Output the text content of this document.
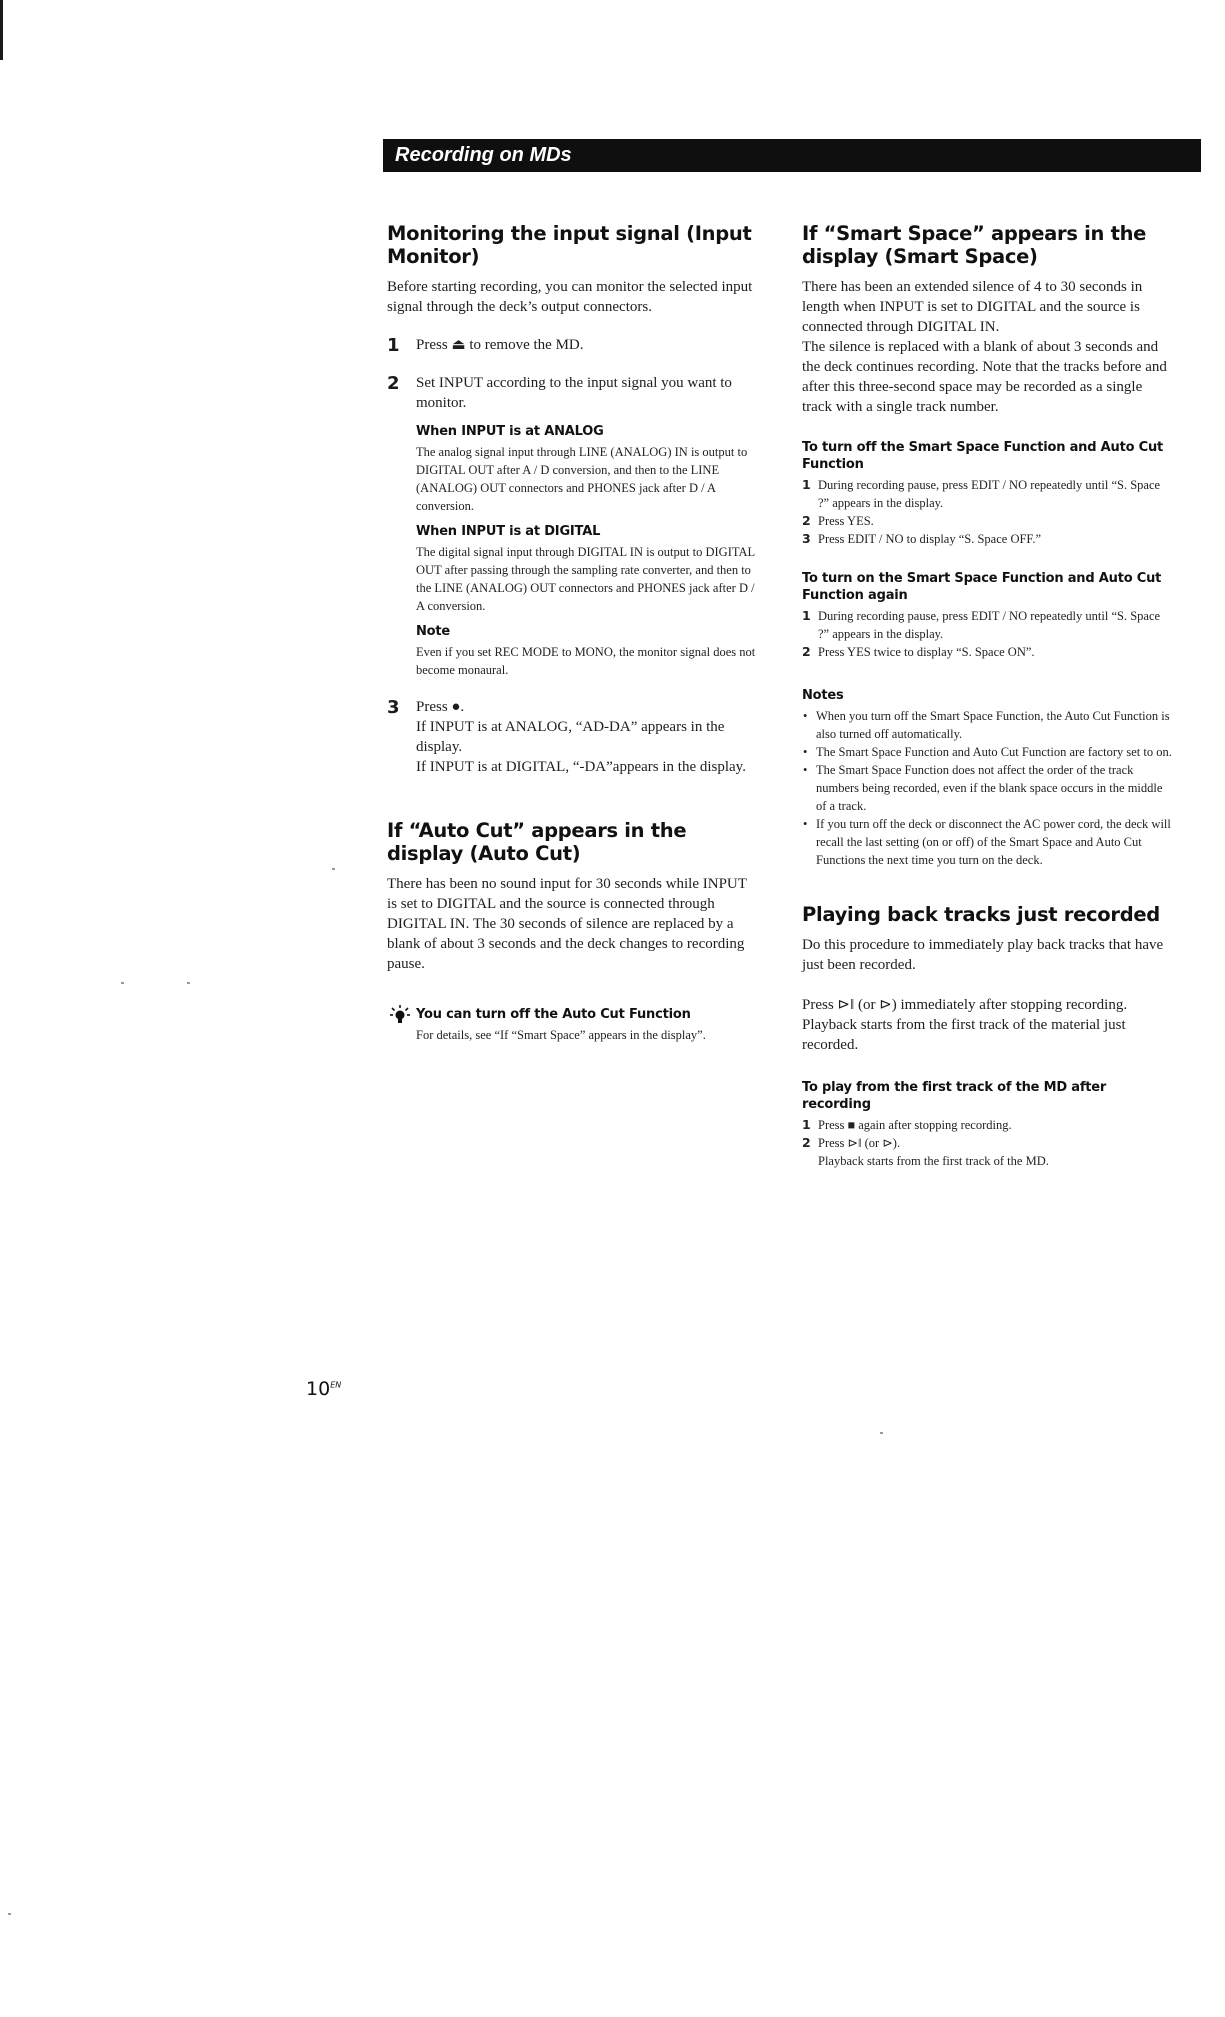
Recording on MDs
Monitoring the input signal (Input Monitor)

Before starting recording, you can monitor the selected input signal through the deck’s output connectors.

1 Press ⏏ to remove the MD.

2 Set INPUT according to the input signal you want to monitor.

When INPUT is at ANALOG

The analog signal input through LINE (ANALOG) IN is output to DIGITAL OUT after A / D conversion, and then to the LINE (ANALOG) OUT connectors and PHONES jack after D / A conversion.

When INPUT is at DIGITAL

The digital signal input through DIGITAL IN is output to DIGITAL OUT after passing through the sampling rate converter, and then to the LINE (ANALOG) OUT connectors and PHONES jack after D / A conversion.

Note

Even if you set REC MODE to MONO, the monitor signal does not become monaural.

3 Press ●.

If INPUT is at ANALOG, “AD-DA” appears in the display.

If INPUT is at DIGITAL, “-DA”appears in the display.

If “Auto Cut” appears in the display (Auto Cut)

There has been no sound input for 30 seconds while INPUT is set to DIGITAL and the source is connected through DIGITAL IN. The 30 seconds of silence are replaced by a blank of about 3 seconds and the deck changes to recording pause.

You can turn off the Auto Cut Function

For details, see “If “Smart Space” appears in the display”.

If “Smart Space” appears in the display (Smart Space)

There has been an extended silence of 4 to 30 seconds in length when INPUT is set to DIGITAL and the source is connected through DIGITAL IN.

The silence is replaced with a blank of about 3 seconds and the deck continues recording. Note that the tracks before and after this three-second space may be recorded as a single track with a single track number.

To turn off the Smart Space Function and Auto Cut Function
1 During recording pause, press EDIT / NO repeatedly until “S. Space ?” appears in the display.
2 Press YES.
3 Press EDIT / NO to display “S. Space OFF.”
To turn on the Smart Space Function and Auto Cut Function again
1 During recording pause, press EDIT / NO repeatedly until “S. Space ?” appears in the display.
2 Press YES twice to display “S. Space ON”.
Notes
• When you turn off the Smart Space Function, the Auto Cut Function is also turned off automatically.
• The Smart Space Function and Auto Cut Function are factory set to on.
• The Smart Space Function does not affect the order of the track numbers being recorded, even if the blank space occurs in the middle of a track.
• If you turn off the deck or disconnect the AC power cord, the deck will recall the last setting (on or off) of the Smart Space and Auto Cut Functions the next time you turn on the deck.
Playing back tracks just recorded

Do this procedure to immediately play back tracks that have just been recorded.

Press ⊳ǁ (or ⊳) immediately after stopping recording.

Playback starts from the first track of the material just recorded.

To play from the first track of the MD after recording
1 Press ■ again after stopping recording.
2 Press ⊳ǁ (or ⊳).

Playback starts from the first track of the MD.

$10^{EN}$
